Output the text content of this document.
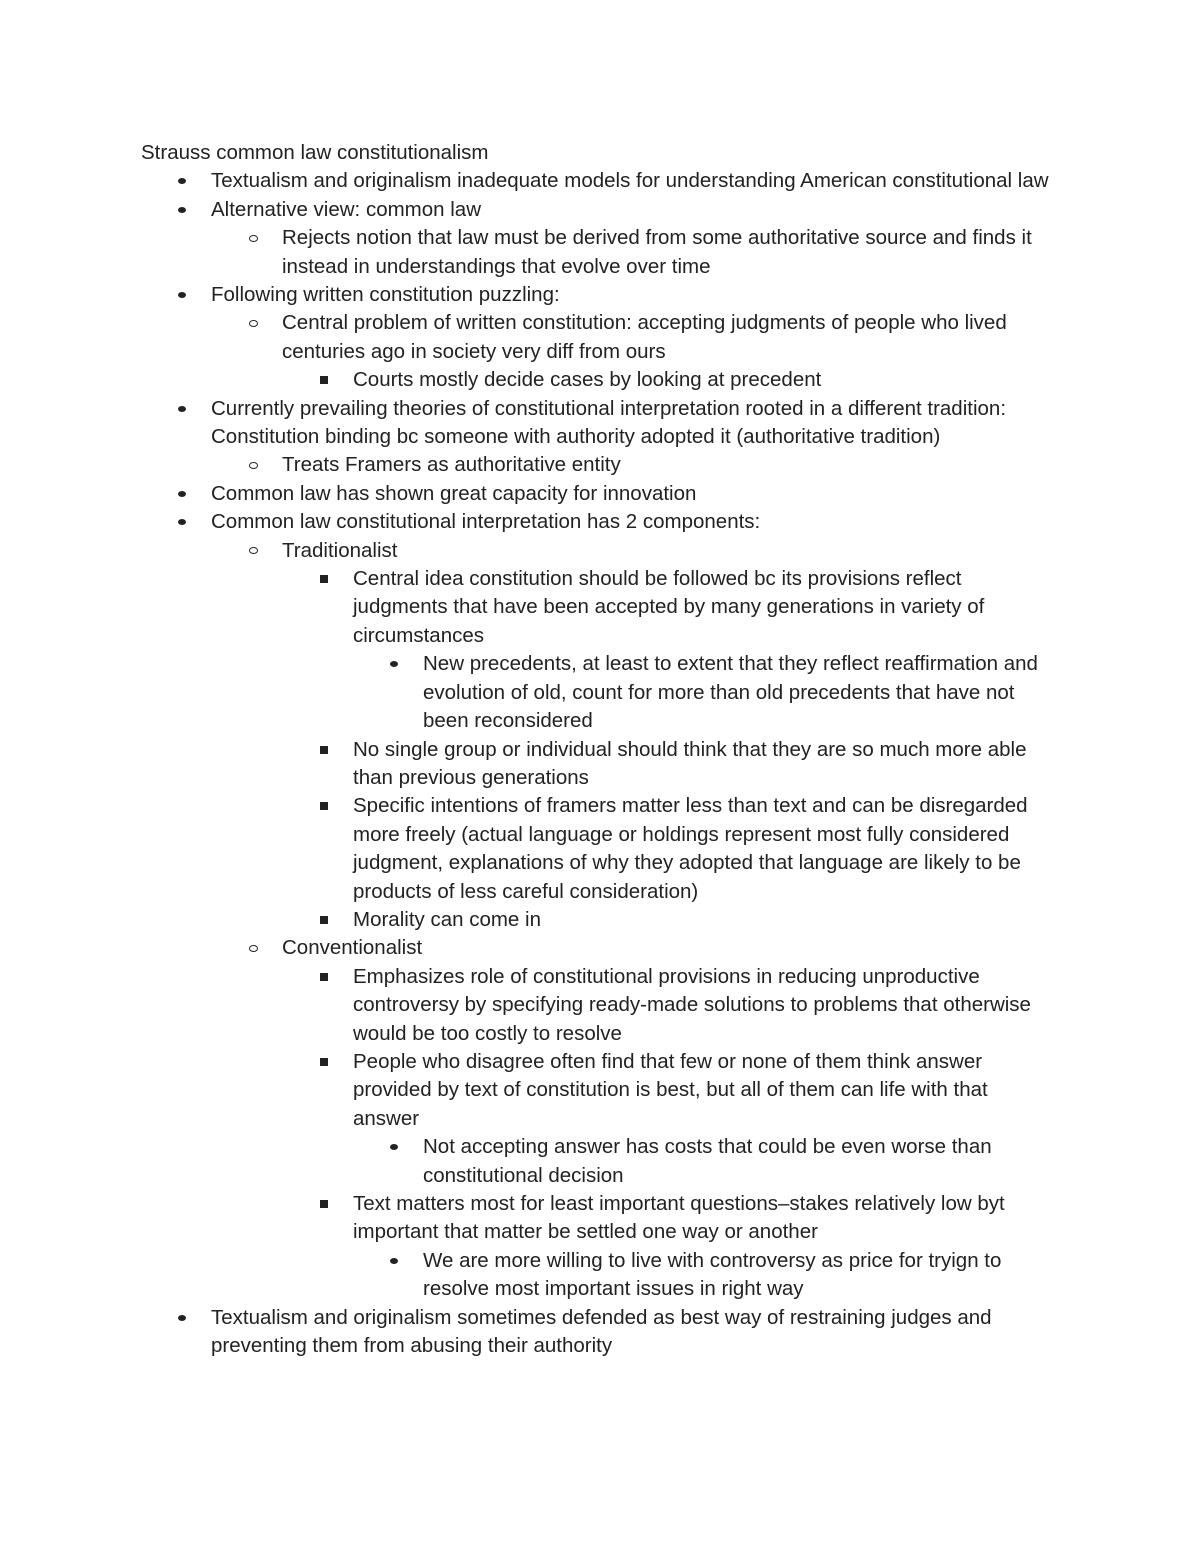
Strauss common law constitutionalism
Textualism and originalism inadequate models for understanding American constitutional law
Alternative view: common law
Rejects notion that law must be derived from some authoritative source and finds it instead in understandings that evolve over time
Following written constitution puzzling:
Central problem of written constitution: accepting judgments of people who lived centuries ago in society very diff from ours
Courts mostly decide cases by looking at precedent
Currently prevailing theories of constitutional interpretation rooted in a different tradition: Constitution binding bc someone with authority adopted it (authoritative tradition)
Treats Framers as authoritative entity
Common law has shown great capacity for innovation
Common law constitutional interpretation has 2 components:
Traditionalist
Central idea constitution should be followed bc its provisions reflect judgments that have been accepted by many generations in variety of circumstances
New precedents, at least to extent that they reflect reaffirmation and evolution of old, count for more than old precedents that have not been reconsidered
No single group or individual should think that they are so much more able than previous generations
Specific intentions of framers matter less than text and can be disregarded more freely (actual language or holdings represent most fully considered judgment, explanations of why they adopted that language are likely to be products of less careful consideration)
Morality can come in
Conventionalist
Emphasizes role of constitutional provisions in reducing unproductive controversy by specifying ready-made solutions to problems that otherwise would be too costly to resolve
People who disagree often find that few or none of them think answer provided by text of constitution is best, but all of them can life with that answer
Not accepting answer has costs that could be even worse than constitutional decision
Text matters most for least important questions–stakes relatively low byt important that matter be settled one way or another
We are more willing to live with controversy as price for tryign to resolve most important issues in right way
Textualism and originalism sometimes defended as best way of restraining judges and preventing them from abusing their authority
